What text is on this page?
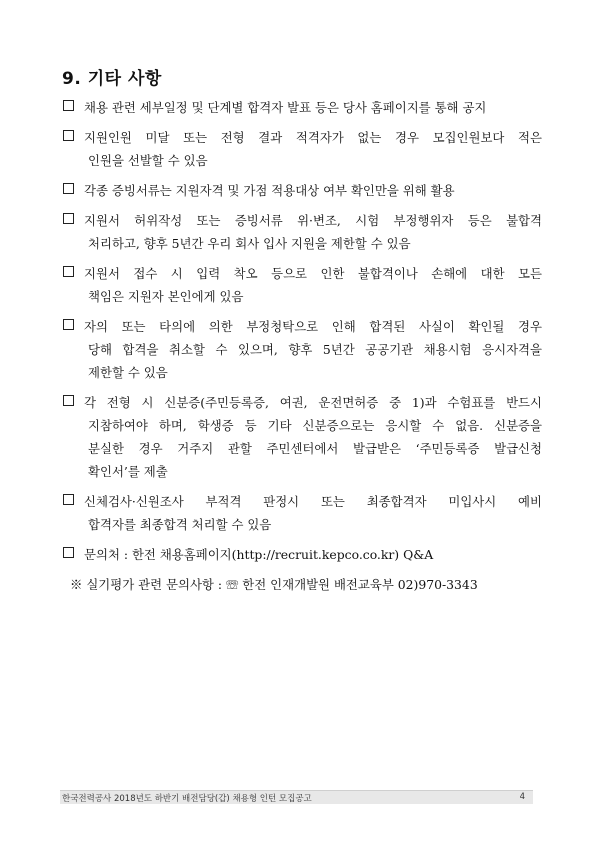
9. 기타 사항
채용 관련 세부일정 및 단계별 합격자 발표 등은 당사 홈페이지를 통해 공지
지원인원 미달 또는 전형 결과 적격자가 없는 경우 모집인원보다 적은
인원을 선발할 수 있음
각종 증빙서류는 지원자격 및 가점 적용대상 여부 확인만을 위해 활용
지원서 허위작성 또는 증빙서류 위·변조, 시험 부정행위자 등은 불합격
처리하고, 향후 5년간 우리 회사 입사 지원을 제한할 수 있음
지원서 접수 시 입력 착오 등으로 인한 불합격이나 손해에 대한 모든
책임은 지원자 본인에게 있음
자의 또는 타의에 의한 부정청탁으로 인해 합격된 사실이 확인될 경우
당해 합격을 취소할 수 있으며, 향후 5년간 공공기관 채용시험 응시자격을
제한할 수 있음
각 전형 시 신분증(주민등록증, 여권, 운전면허증 중 1)과 수험표를 반드시
지참하여야 하며, 학생증 등 기타 신분증으로는 응시할 수 없음. 신분증을
분실한 경우 거주지 관할 주민센터에서 발급받은 ‘주민등록증 발급신청
확인서’를 제출
신체검사·신원조사 부적격 판정시 또는 최종합격자 미입사시 예비
합격자를 최종합격 처리할 수 있음
문의처 : 한전 채용홈페이지(http://recruit.kepco.co.kr) Q&A
※ 실기평가 관련 문의사항 : ☏ 한전 인재개발원 배전교육부 02)970-3343
한국전력공사 2018년도 하반기 배전담당(갑) 채용형 인턴 모집공고	4
